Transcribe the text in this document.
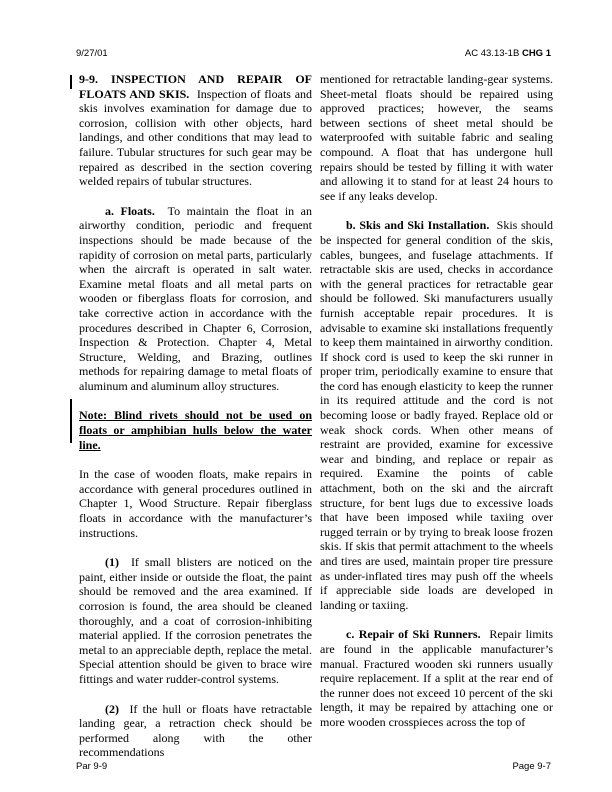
9/27/01	AC 43.13-1B CHG 1

9-9. INSPECTION AND REPAIR OF FLOATS AND SKIS. Inspection of floats and skis involves examination for damage due to corrosion, collision with other objects, hard landings, and other conditions that may lead to failure. Tubular structures for such gear may be repaired as described in the section covering welded repairs of tubular structures.

a. Floats. To maintain the float in an airworthy condition, periodic and frequent inspections should be made because of the rapidity of corrosion on metal parts, particularly when the aircraft is operated in salt water. Examine metal floats and all metal parts on wooden or fiberglass floats for corrosion, and take corrective action in accordance with the procedures described in Chapter 6, Corrosion, Inspection & Protection. Chapter 4, Metal Structure, Welding, and Brazing, outlines methods for repairing damage to metal floats of aluminum and aluminum alloy structures.

Note: Blind rivets should not be used on floats or amphibian hulls below the water line.

In the case of wooden floats, make repairs in accordance with general procedures outlined in Chapter 1, Wood Structure. Repair fiberglass floats in accordance with the manufacturer’s instructions.

(1) If small blisters are noticed on the paint, either inside or outside the float, the paint should be removed and the area examined. If corrosion is found, the area should be cleaned thoroughly, and a coat of corrosion-inhibiting material applied. If the corrosion penetrates the metal to an appreciable depth, replace the metal. Special attention should be given to brace wire fittings and water rudder-control systems.

(2) If the hull or floats have retractable landing gear, a retraction check should be performed along with the other recommendations

mentioned for retractable landing-gear systems. Sheet-metal floats should be repaired using approved practices; however, the seams between sections of sheet metal should be waterproofed with suitable fabric and sealing compound. A float that has undergone hull repairs should be tested by filling it with water and allowing it to stand for at least 24 hours to see if any leaks develop.

b. Skis and Ski Installation. Skis should be inspected for general condition of the skis, cables, bungees, and fuselage attachments. If retractable skis are used, checks in accordance with the general practices for retractable gear should be followed. Ski manufacturers usually furnish acceptable repair procedures. It is advisable to examine ski installations frequently to keep them maintained in airworthy condition. If shock cord is used to keep the ski runner in proper trim, periodically examine to ensure that the cord has enough elasticity to keep the runner in its required attitude and the cord is not becoming loose or badly frayed. Replace old or weak shock cords. When other means of restraint are provided, examine for excessive wear and binding, and replace or repair as required. Examine the points of cable attachment, both on the ski and the aircraft structure, for bent lugs due to excessive loads that have been imposed while taxiing over rugged terrain or by trying to break loose frozen skis. If skis that permit attachment to the wheels and tires are used, maintain proper tire pressure as under-inflated tires may push off the wheels if appreciable side loads are developed in landing or taxiing.

c. Repair of Ski Runners. Repair limits are found in the applicable manufacturer’s manual. Fractured wooden ski runners usually require replacement. If a split at the rear end of the runner does not exceed 10 percent of the ski length, it may be repaired by attaching one or more wooden crosspieces across the top of

Par 9-9	Page 9-7
